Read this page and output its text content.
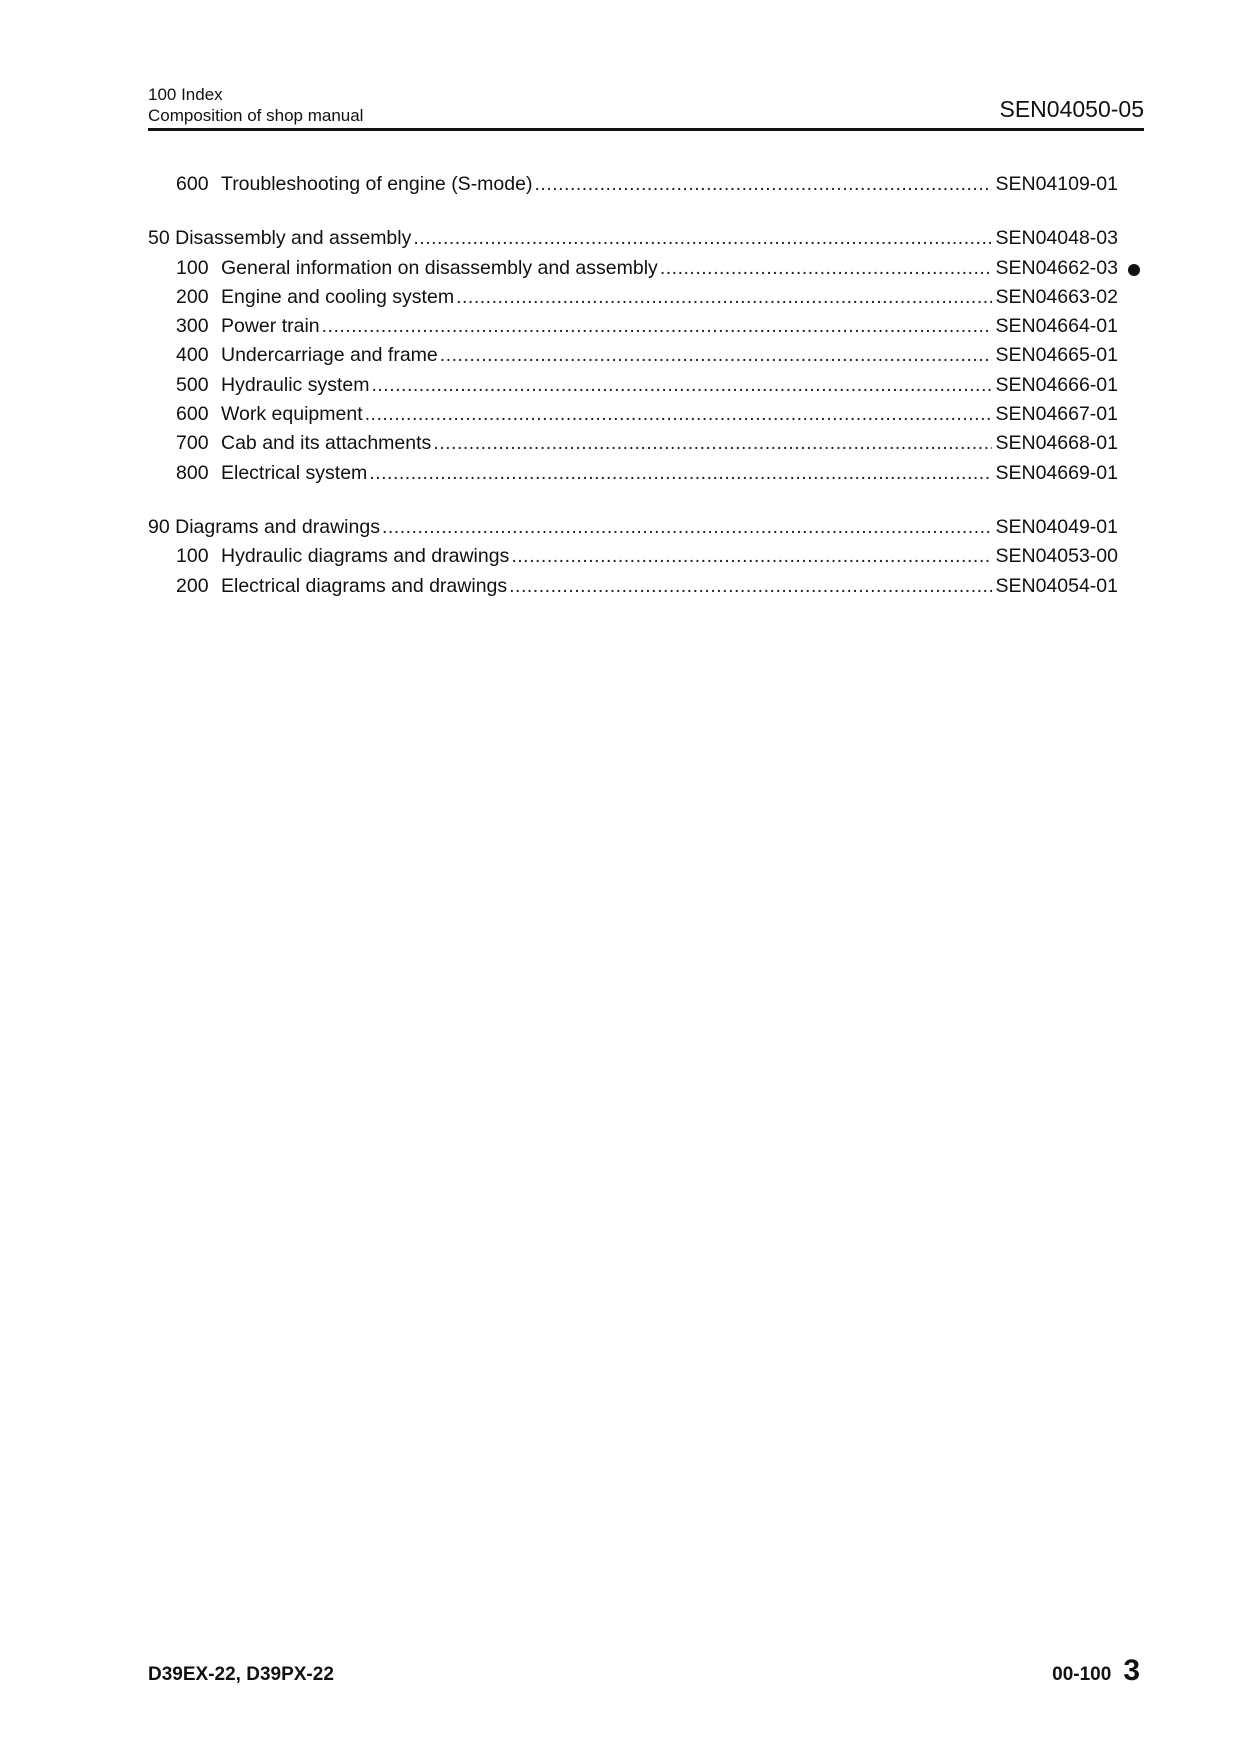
100 Index
Composition of shop manual	SEN04050-05
600 Troubleshooting of engine (S-mode) .....	SEN04109-01
50 Disassembly and assembly .....	SEN04048-03
100 General information on disassembly and assembly .....	SEN04662-03
200 Engine and cooling system .....	SEN04663-02
300 Power train .....	SEN04664-01
400 Undercarriage and frame .....	SEN04665-01
500 Hydraulic system .....	SEN04666-01
600 Work equipment .....	SEN04667-01
700 Cab and its attachments .....	SEN04668-01
800 Electrical system .....	SEN04669-01
90 Diagrams and drawings .....	SEN04049-01
100 Hydraulic diagrams and drawings .....	SEN04053-00
200 Electrical diagrams and drawings .....	SEN04054-01
D39EX-22, D39PX-22	00-100 3
